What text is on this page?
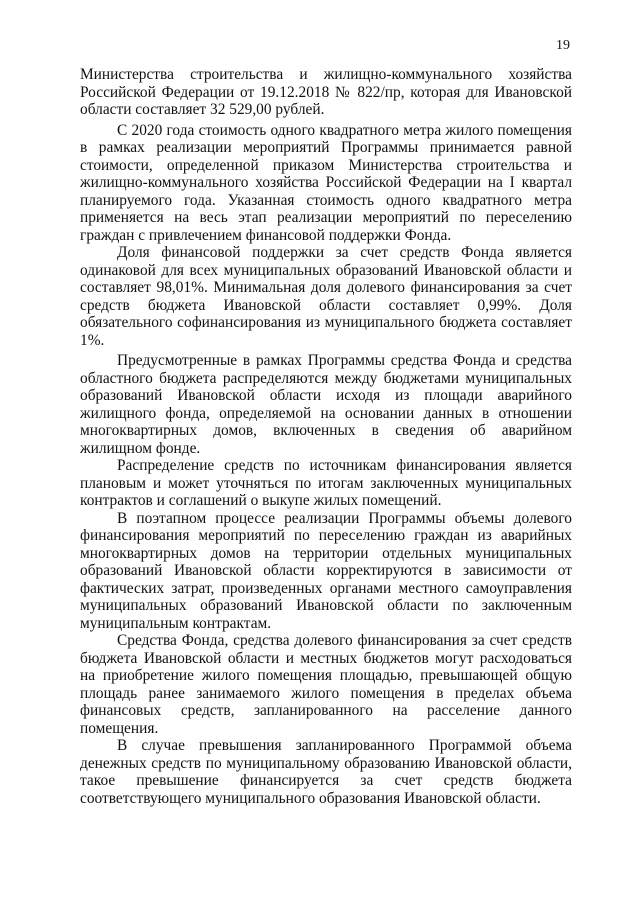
19

Министерства строительства и жилищно-коммунального хозяйства Российской Федерации от 19.12.2018 № 822/пр, которая для Ивановской области составляет 32 529,00 рублей.

С 2020 года стоимость одного квадратного метра жилого помещения в рамках реализации мероприятий Программы принимается равной стоимости, определенной приказом Министерства строительства и жилищно-коммунального хозяйства Российской Федерации на I квартал планируемого года. Указанная стоимость одного квадратного метра применяется на весь этап реализации мероприятий по переселению граждан с привлечением финансовой поддержки Фонда.

Доля финансовой поддержки за счет средств Фонда является одинаковой для всех муниципальных образований Ивановской области и составляет 98,01%. Минимальная доля долевого финансирования за счет средств бюджета Ивановской области составляет 0,99%. Доля обязательного софинансирования из муниципального бюджета составляет 1%.

Предусмотренные в рамках Программы средства Фонда и средства областного бюджета распределяются между бюджетами муниципальных образований Ивановской области исходя из площади аварийного жилищного фонда, определяемой на основании данных в отношении многоквартирных домов, включенных в сведения об аварийном жилищном фонде.

Распределение средств по источникам финансирования является плановым и может уточняться по итогам заключенных муниципальных контрактов и соглашений о выкупе жилых помещений.

В поэтапном процессе реализации Программы объемы долевого финансирования мероприятий по переселению граждан из аварийных многоквартирных домов на территории отдельных муниципальных образований Ивановской области корректируются в зависимости от фактических затрат, произведенных органами местного самоуправления муниципальных образований Ивановской области по заключенным муниципальным контрактам.

Средства Фонда, средства долевого финансирования за счет средств бюджета Ивановской области и местных бюджетов могут расходоваться на приобретение жилого помещения площадью, превышающей общую площадь ранее занимаемого жилого помещения в пределах объема финансовых средств, запланированного на расселение данного помещения.

В случае превышения запланированного Программой объема денежных средств по муниципальному образованию Ивановской области, такое превышение финансируется за счет средств бюджета соответствующего муниципального образования Ивановской области.
